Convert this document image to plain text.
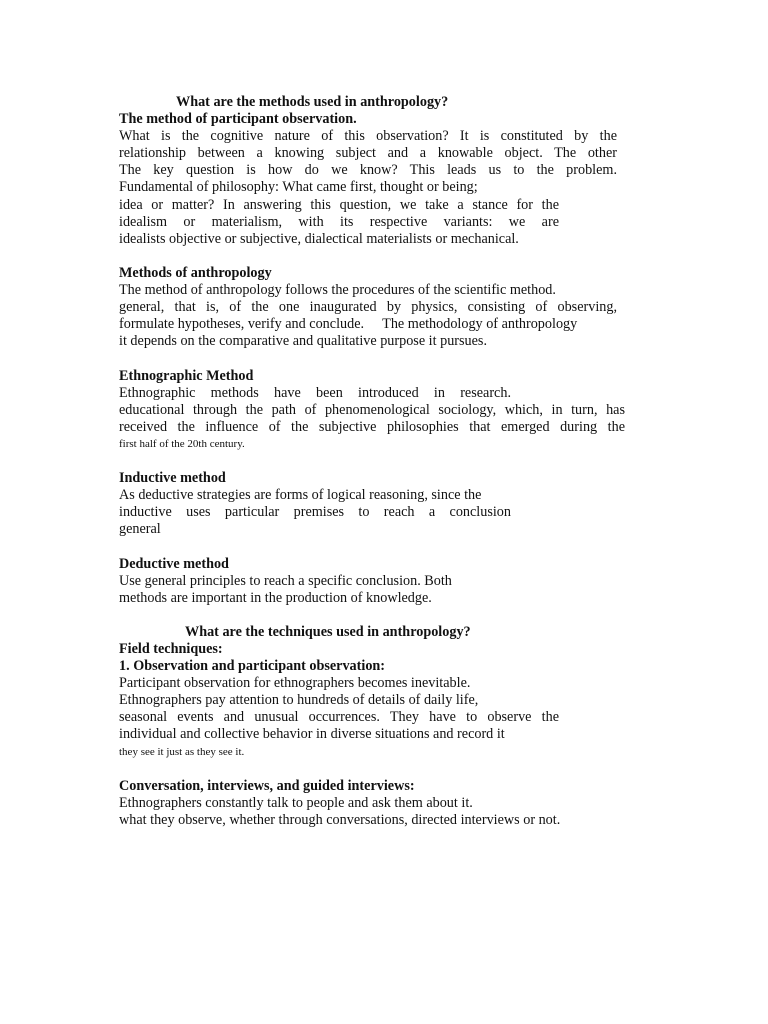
What are the methods used in anthropology?
The method of participant observation.
What is the cognitive nature of this observation? It is constituted by the
relationship between a knowing subject and a knowable object. The other
The key question is how do we know? This leads us to the problem.
Fundamental of philosophy: What came first, thought or being;
idea or matter? In answering this question, we take a stance for the
idealism or materialism, with its respective variants: we are
idealists objective or subjective, dialectical materialists or mechanical.
Methods of anthropology
The method of anthropology follows the procedures of the scientific method.
general, that is, of the one inaugurated by physics, consisting of observing,
formulate hypotheses, verify and conclude. The methodology of anthropology
it depends on the comparative and qualitative purpose it pursues.
Ethnographic Method
Ethnographic methods have been introduced in research.
educational through the path of phenomenological sociology, which, in turn, has
received the influence of the subjective philosophies that emerged during the
first half of the 20th century.
Inductive method
As deductive strategies are forms of logical reasoning, since the
inductive uses particular premises to reach a conclusion
general
Deductive method
Use general principles to reach a specific conclusion. Both
methods are important in the production of knowledge.
What are the techniques used in anthropology?
Field techniques:
1. Observation and participant observation:
Participant observation for ethnographers becomes inevitable.
Ethnographers pay attention to hundreds of details of daily life,
seasonal events and unusual occurrences. They have to observe the
individual and collective behavior in diverse situations and record it
they see it just as they see it.
Conversation, interviews, and guided interviews:
Ethnographers constantly talk to people and ask them about it.
what they observe, whether through conversations, directed interviews or not.
